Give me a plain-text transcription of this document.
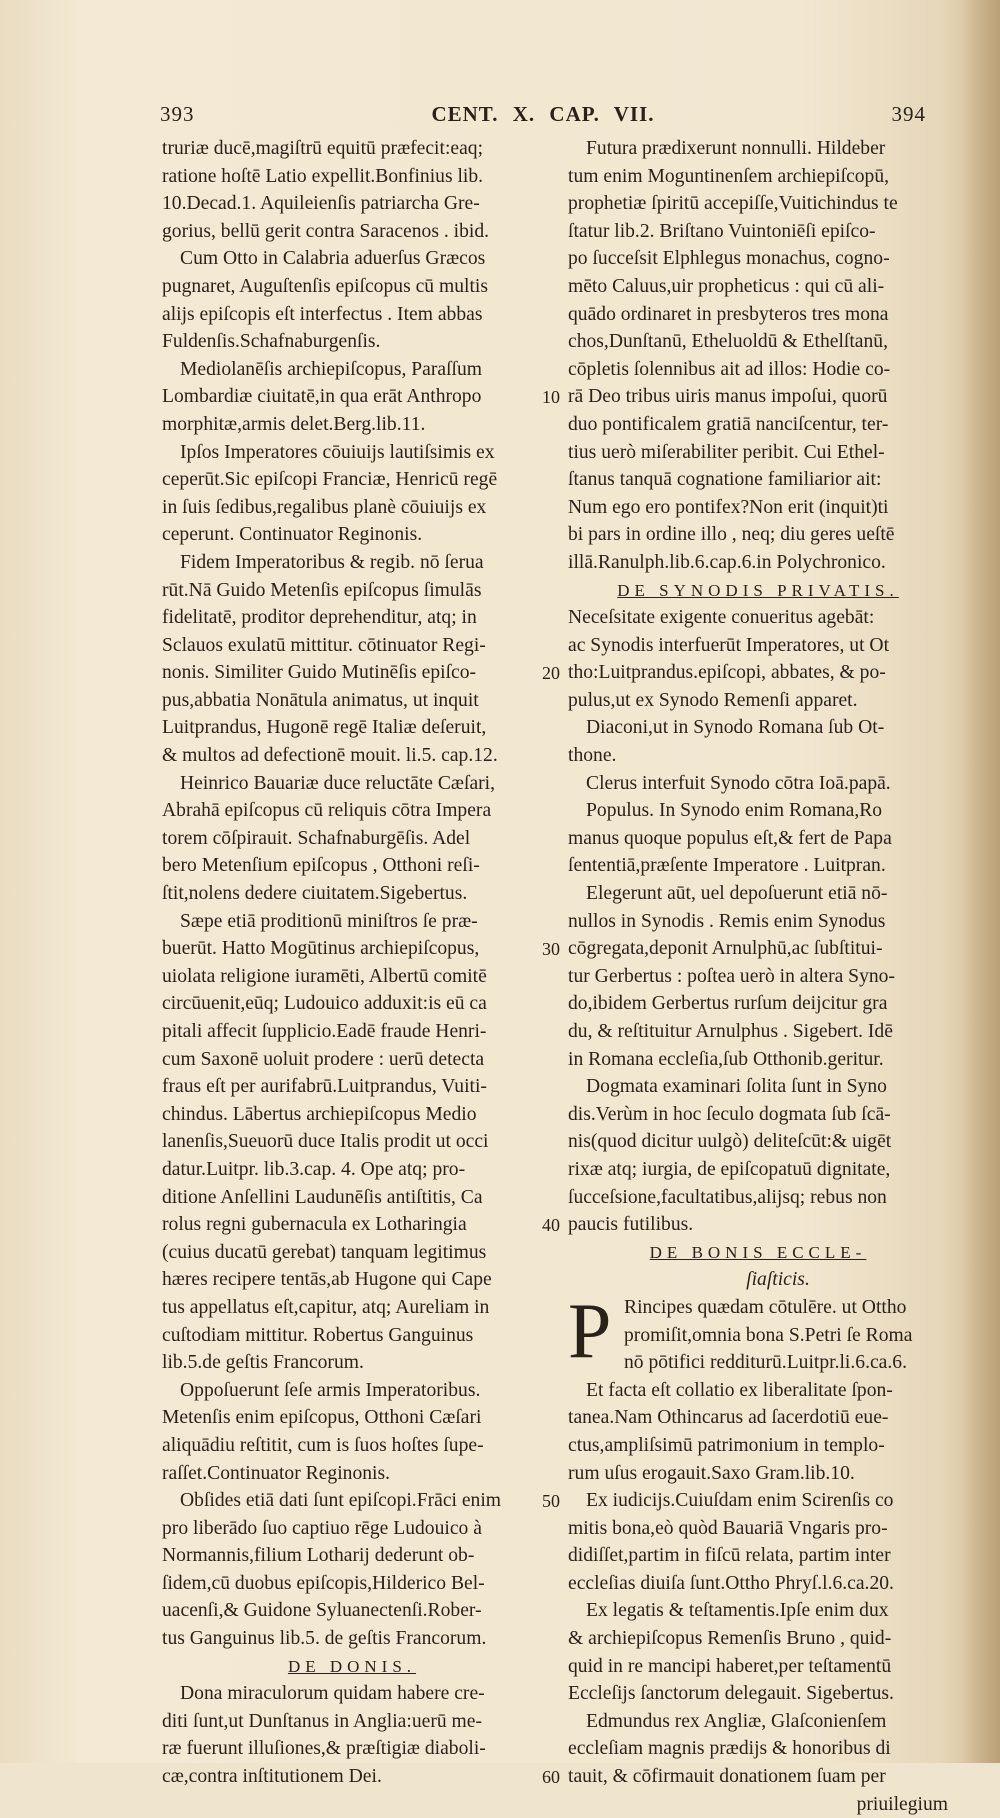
393	CENT. X. CAP. VII.	394
truriæ ducē,magiſtrū equitū præfecit:eaq;
ratione hoſtē Latio expellit.Bonfinius lib.
10.Decad.1. Aquileienſis patriarcha Gre-
gorius, bellū gerit contra Saracenos . ibid.
Cum Otto in Calabria aduerſus Græcos
pugnaret, Auguſtenſis epiſcopus cū multis
alijs epiſcopis eſt interfectus . Item abbas
Fuldenſis.Schafnaburgenſis.
Mediolanēſis archiepiſcopus, Paraſſum
Lombardiæ ciuitatē,in qua erāt Anthropo
morphitæ,armis delet.Berg.lib.11.
Ipſos Imperatores cōuiuijs lautiſsimis ex
ceperūt.Sic epiſcopi Franciæ, Henricū regē
in ſuis ſedibus,regalibus planè cōuiuijs ex
ceperunt. Continuator Reginonis.
Fidem Imperatoribus & regib. nō ſerua
rūt.Nā Guido Metenſis epiſcopus ſimulās
fidelitatē, proditor deprehenditur, atq; in
Sclauos exulatū mittitur. cōtinuator Regi-
nonis. Similiter Guido Mutinēſis epiſco-
pus,abbatia Nonātula animatus, ut inquit
Luitprandus, Hugonē regē Italiæ deſeruit,
& multos ad defectionē mouit. li.5. cap.12.
Heinrico Bauariæ duce reluctāte Cæſari,
Abrahā epiſcopus cū reliquis cōtra Impera
torem cōſpirauit. Schafnaburgēſis. Adel
bero Metenſium epiſcopus , Otthoni reſi-
ſtit,nolens dedere ciuitatem.Sigebertus.
Sæpe etiā proditionū miniſtros ſe præ-
buerūt. Hatto Mogūtinus archiepiſcopus,
uiolata religione iuramēti, Albertū comitē
circūuenit,eūq; Ludouico adduxit:is eū ca
pitali affecit ſupplicio.Eadē fraude Henri-
cum Saxonē uoluit prodere : uerū detecta
fraus eſt per aurifabrū.Luitprandus, Vuiti-
chindus. Lābertus archiepiſcopus Medio
lanenſis,Sueuorū duce Italis prodit ut occi
datur.Luitpr. lib.3.cap. 4. Ope atq; pro-
ditione Anſellini Laudunēſis antiſtitis, Ca
rolus regni gubernacula ex Lotharingia
(cuius ducatū gerebat) tanquam legitimus
hæres recipere tentās,ab Hugone qui Cape
tus appellatus eſt,capitur, atq; Aureliam in
cuſtodiam mittitur. Robertus Ganguinus
lib.5.de geſtis Francorum.
Oppoſuerunt ſeſe armis Imperatoribus.
Metenſis enim epiſcopus, Otthoni Cæſari
aliquādiu reſtitit, cum is ſuos hoſtes ſupe-
raſſet.Continuator Reginonis.
Obſides etiā dati ſunt epiſcopi.Frāci enim
pro liberādo ſuo captiuo rēge Ludouico à
Normannis,filium Lotharij dederunt ob-
ſidem,cū duobus epiſcopis,Hilderico Bel-
uacenſi,& Guidone Syluanectenſi.Rober-
tus Ganguinus lib.5. de geſtis Francorum.
DE DONIS.
Dona miraculorum quidam habere cre-
diti ſunt,ut Dunſtanus in Anglia:uerū me-
ræ fuerunt illuſiones,& præſtigiæ diaboli-
cæ,contra inſtitutionem Dei.
Futura prædixerunt nonnulli. Hildeber
tum enim Moguntinenſem archiepiſcopū,
prophetiæ ſpiritū accepiſſe,Vuitichindus te
ſtatur lib.2. Briſtano Vuintoniēſi epiſco-
po ſucceſsit Elphlegus monachus, cogno-
mēto Caluus,uir propheticus : qui cū ali-
quādo ordinaret in presbyteros tres mona
chos,Dunſtanū, Etheluoldū & Ethelſtanū,
cōpletis ſolennibus ait ad illos: Hodie co-
rā Deo tribus uiris manus impoſui, quorū
duo pontificalem gratiā nanciſcentur, ter-
tius uerò miſerabiliter peribit. Cui Ethel-
ſtanus tanquā cognatione familiarior ait:
Num ego ero pontifex?Non erit (inquit)ti
bi pars in ordine illo , neq; diu geres ueſtē
illā.Ranulph.lib.6.cap.6.in Polychronico.
DE SYNODIS PRIVATIS.
Neceſsitate exigente conueritus agebāt:
ac Synodis interfuerūt Imperatores, ut Ot
tho:Luitprandus.epiſcopi, abbates, & po-
pulus,ut ex Synodo Remenſi apparet.
Diaconi,ut in Synodo Romana ſub Ot-
thone.
Clerus interfuit Synodo cōtra Ioā.papā.
Populus. In Synodo enim Romana,Ro
manus quoque populus eſt,& fert de Papa
ſententiā,præſente Imperatore . Luitpran.
Elegerunt aūt, uel depoſuerunt etiā nō-
nullos in Synodis . Remis enim Synodus
cōgregata,deponit Arnulphū,ac ſubſtitui-
tur Gerbertus : poſtea uerò in altera Syno-
do,ibidem Gerbertus rurſum deijcitur gra
du, & reſtituitur Arnulphus . Sigebert. Idē
in Romana eccleſia,ſub Otthonib.geritur.
Dogmata examinari ſolita ſunt in Syno
dis.Verùm in hoc ſeculo dogmata ſub ſcā-
nis(quod dicitur uulgò) deliteſcūt:& uigēt
rixæ atq; iurgia, de epiſcopatuū dignitate,
ſucceſsione,facultatibus,alijsq; rebus non
paucis futilibus.
DE BONIS ECCLE-
ſiaſticis.
P Rincipes quædam cōtulēre. ut Ottho
promiſit,omnia bona S.Petri ſe Roma
nō pōtifici redditurū.Luitpr.li.6.ca.6.
Et facta eſt collatio ex liberalitate ſpon-
tanea.Nam Othincarus ad ſacerdotiū eue-
ctus,ampliſsimū patrimonium in templo-
rum uſus erogauit.Saxo Gram.lib.10.
Ex iudicijs.Cuiuſdam enim Scirenſis co
mitis bona,eò quòd Bauariā Vngaris pro-
didiſſet,partim in fiſcū relata, partim inter
eccleſias diuiſa ſunt.Ottho Phryſ.l.6.ca.20.
Ex legatis & teſtamentis.Ipſe enim dux
& archiepiſcopus Remenſis Bruno , quid-
quid in re mancipi haberet,per teſtamentū
Eccleſijs ſanctorum delegauit. Sigebertus.
Edmundus rex Angliæ, Glaſconienſem
eccleſiam magnis prædijs & honoribus di
tauit, & cōfirmauit donationem ſuam per
priuilegium
10
20
30
40
50
60
